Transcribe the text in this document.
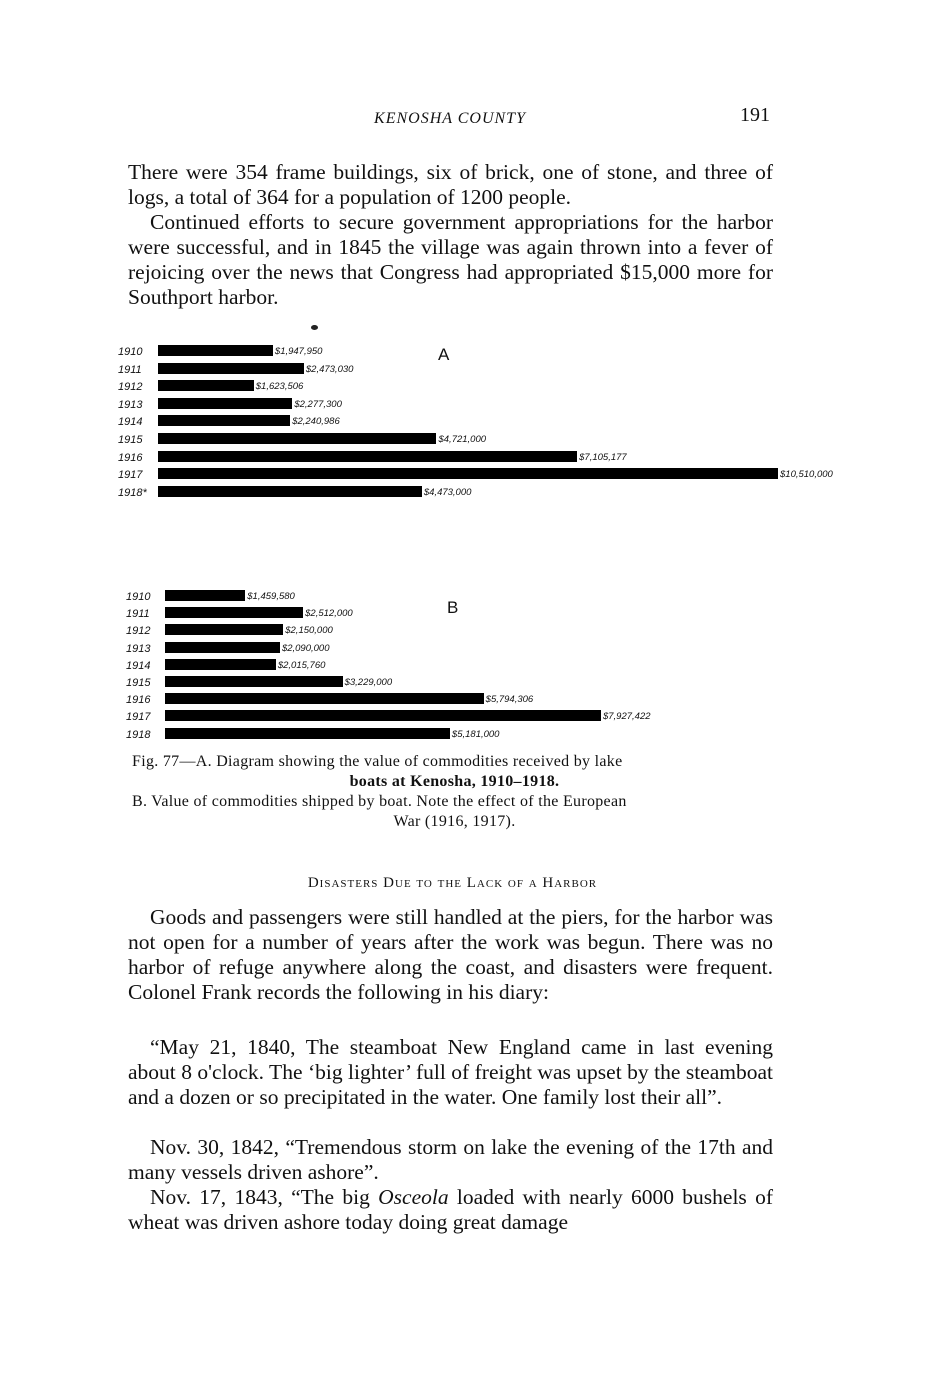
KENOSHA COUNTY	191

There were 354 frame buildings, six of brick, one of stone, and three of logs, a total of 364 for a population of 1200 people.

Continued efforts to secure government appropriations for the harbor were successful, and in 1845 the village was again thrown into a fever of rejoicing over the news that Congress had appropriated $15,000 more for Southport harbor.

A
1910	$1,947,950
1911	$2,473,030
1912	$1,623,506
1913	$2,277,300
1914	$2,240,986
1915	$4,721,000
1916	$7,105,177
1917	$10,510,000
1918*	$4,473,000
B
1910	$1,459,580
1911	$2,512,000
1912	$2,150,000
1913	$2,090,000
1914	$2,015,760
1915	$3,229,000
1916	$5,794,306
1917	$7,927,422
1918	$5,181,000
Fig. 77—A. Diagram showing the value of commodities received by lake
boats at Kenosha, 1910–1918.
B. Value of commodities shipped by boat. Note the effect of the European
War (1916, 1917).
Disasters Due to the Lack of a Harbor

Goods and passengers were still handled at the piers, for the harbor was not open for a number of years after the work was begun. There was no harbor of refuge anywhere along the coast, and disasters were frequent. Colonel Frank records the following in his diary:

“May 21, 1840, The steamboat New England came in last evening about 8 o'clock. The ‘big lighter’ full of freight was upset by the steamboat and a dozen or so precipitated in the water. One family lost their all”.

Nov. 30, 1842, “Tremendous storm on lake the evening of the 17th and many vessels driven ashore”.

Nov. 17, 1843, “The big Osceola loaded with nearly 6000 bushels of wheat was driven ashore today doing great damage
